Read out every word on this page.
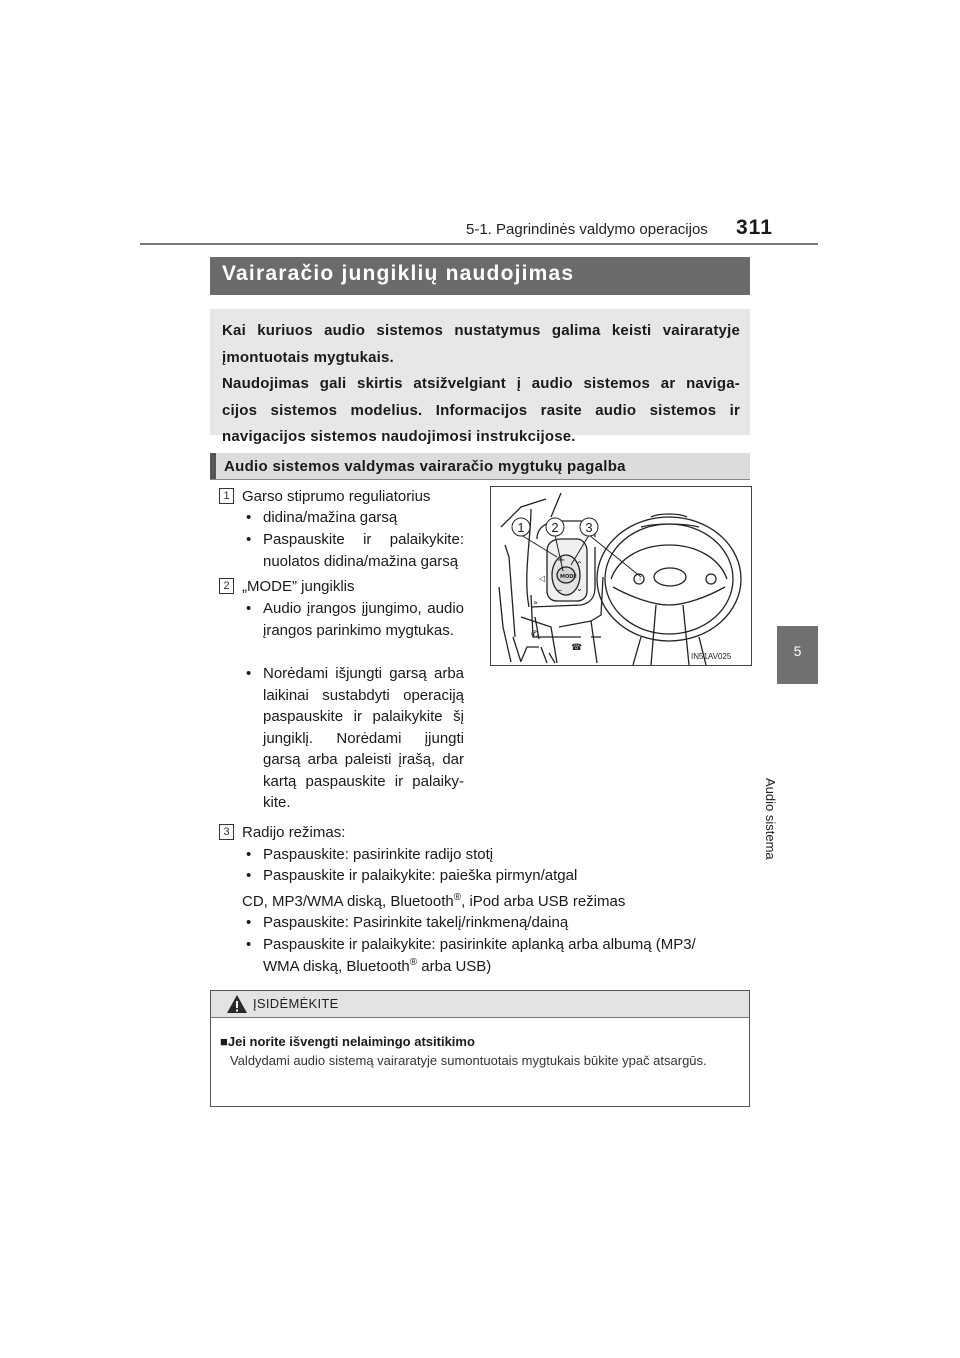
5-1. Pagrindinės valdymo operacijos 311
5
Audio sistema
Vairaračio jungiklių naudojimas
Kai kuriuos audio sistemos nustatymus galima keisti vairaratyje
įmontuotais mygtukais.
Naudojimas gali skirtis atsižvelgiant į audio sistemos ar naviga-
cijos sistemos modelius. Informacijos rasite audio sistemos ir
navigacijos sistemos naudojimosi instrukcijose.
Audio sistemos valdymas vairaračio mygtukų pagalba
1 Garso stiprumo reguliatorius
• didina/mažina garsą
• Paspauskite ir palaikykite: nuolatos didina/mažina garsą
2 „MODE” jungiklis
• Audio įrangos įjungimo, audio įrangos parinkimo mygtukas.
• Norėdami išjungti garsą arba laikinai sustabdyti operaciją paspauskite ir palaikykite šį jungiklį. Norėdami įjungti garsą arba paleisti įrašą, dar kartą paspauskite ir palaiky-kite.
3 Radijo režimas:
• Paspauskite: pasirinkite radijo stotį
• Paspauskite ir palaikykite: paieška pirmyn/atgal
CD, MP3/WMA diską, Bluetooth®, iPod arba USB režimas
• Paspauskite: Pasirinkite takelį/rinkmeną/dainą
• Paspauskite ir palaikykite: pasirinkite aplanką arba albumą (MP3/
WMA diską, Bluetooth® arba USB)
+
–
◁
⌃
⌄
»
✆
☎
◦
MODE
1 2 3
IN51AV025
ĮSIDĖMĖKITE
■Jei norite išvengti nelaimingo atsitikimo
Valdydami audio sistemą vairaratyje sumontuotais mygtukais būkite ypač atsargūs.
